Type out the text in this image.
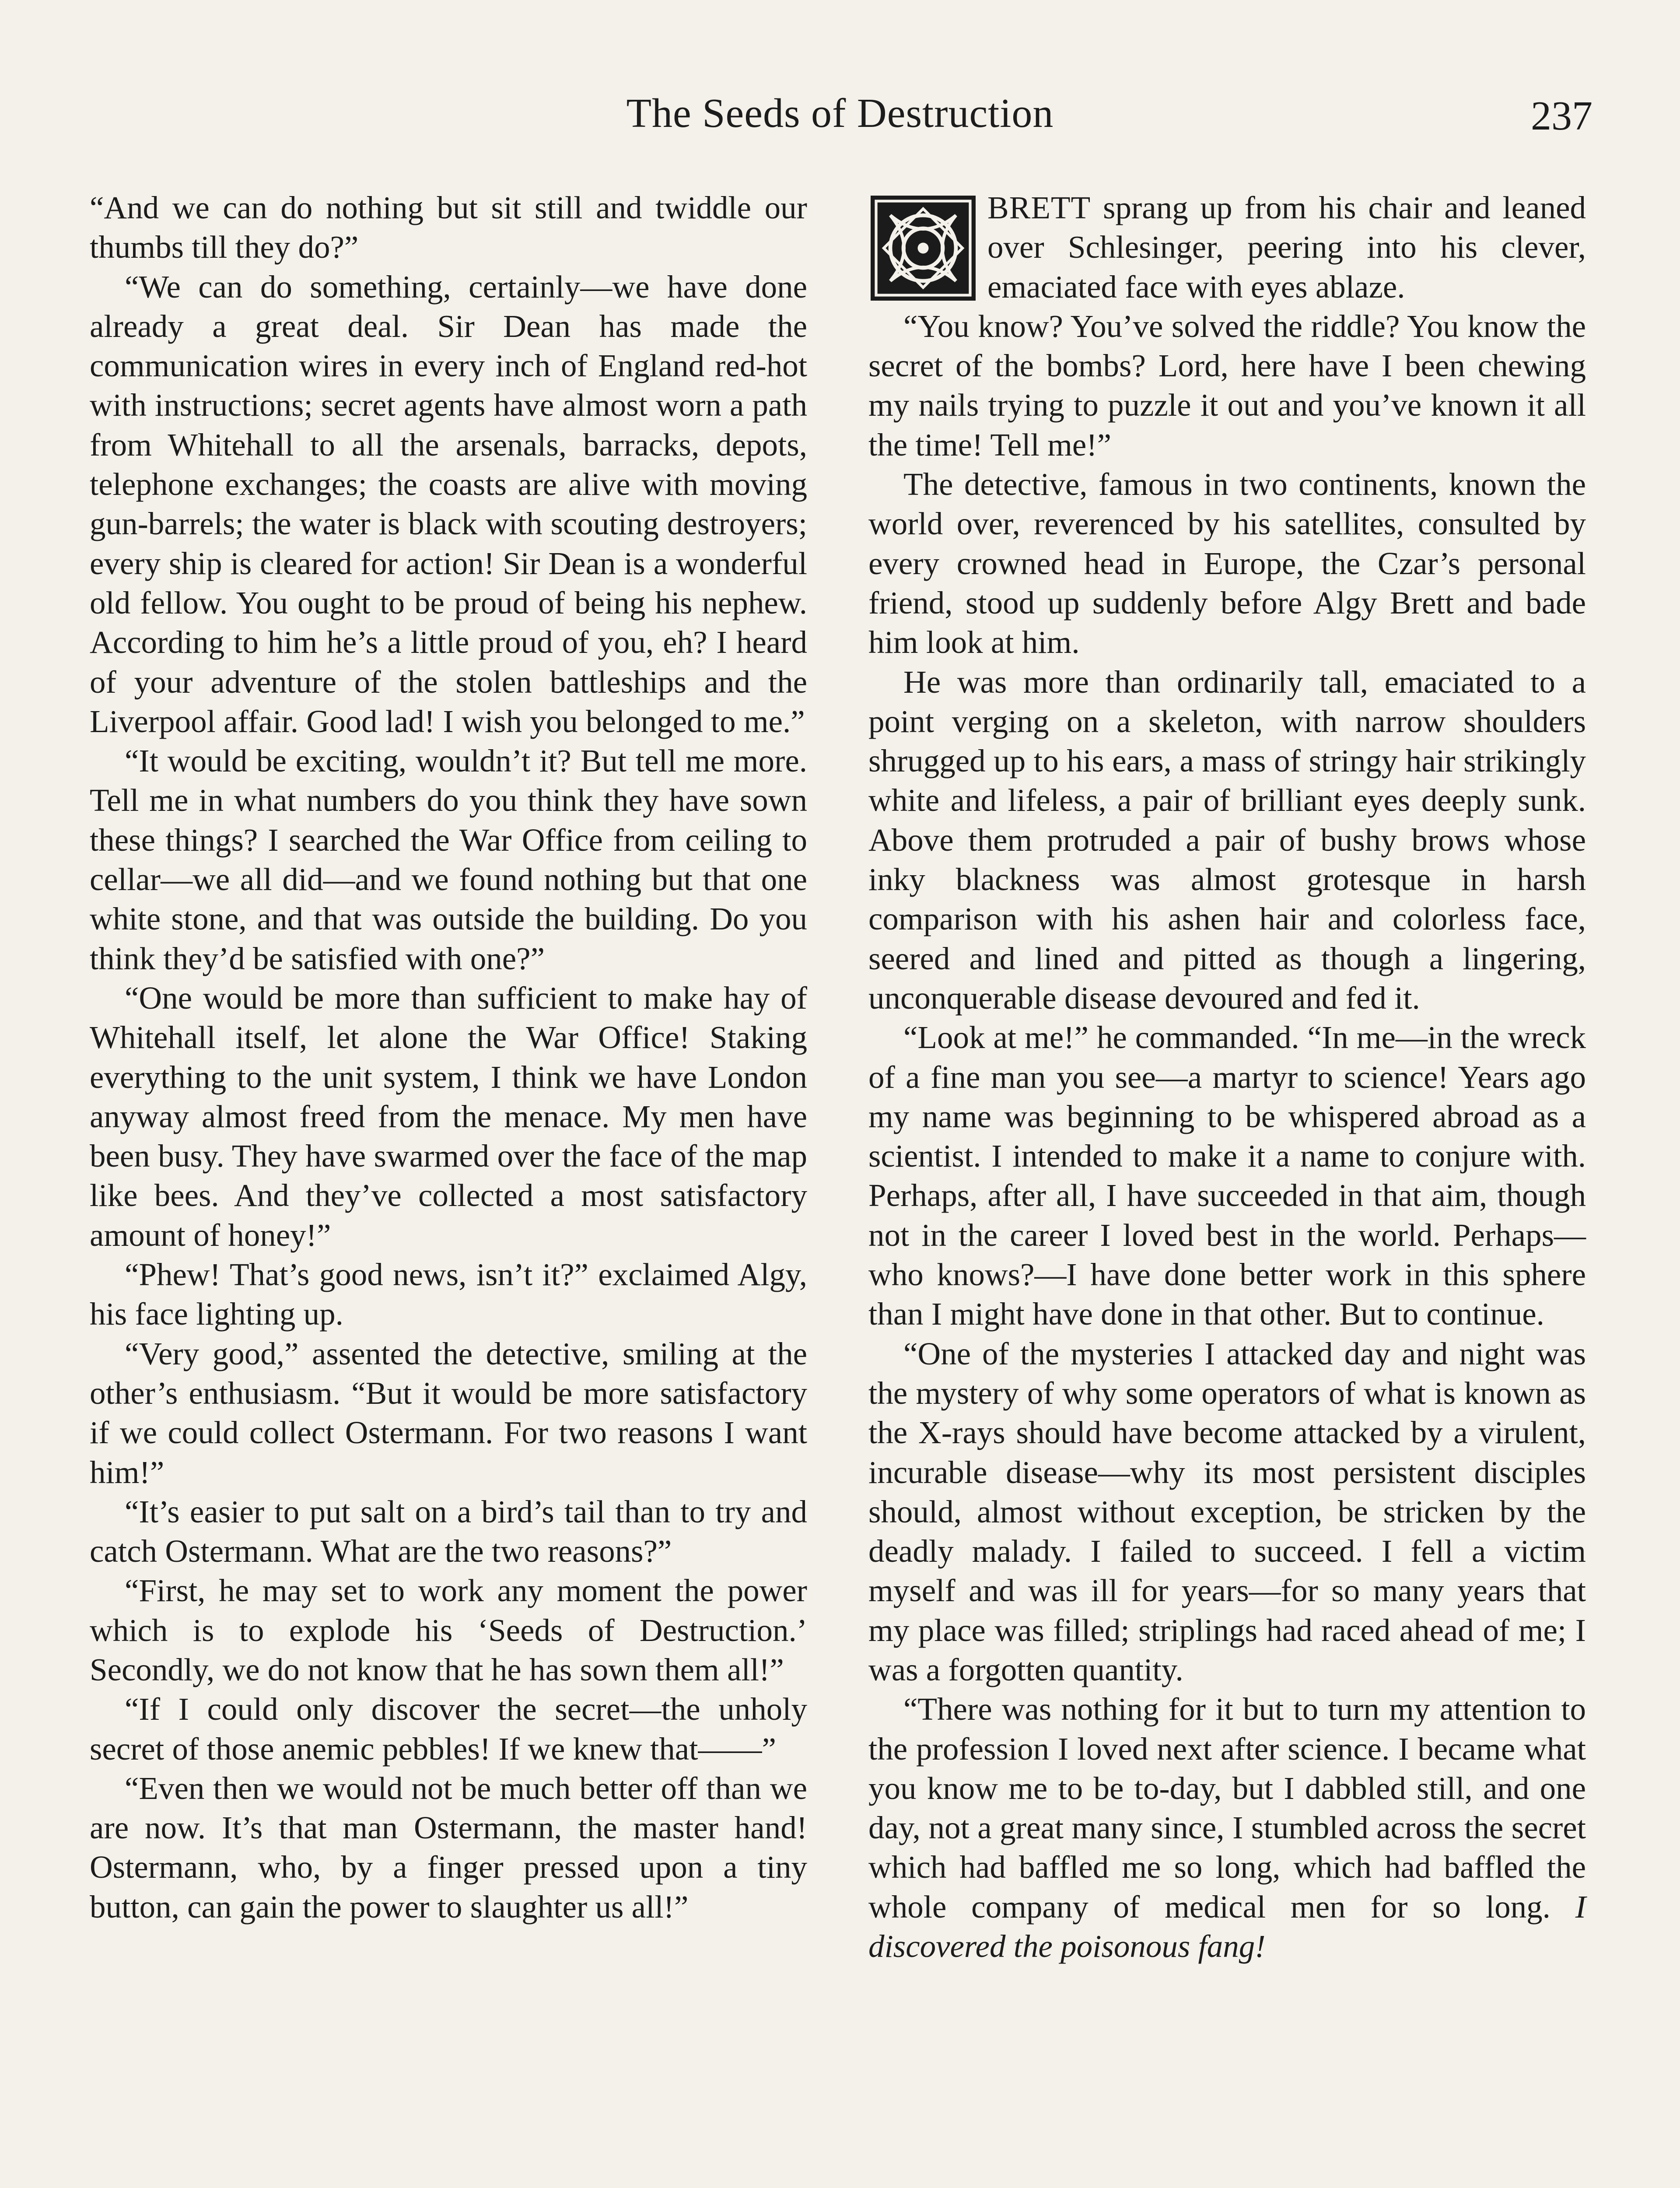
The Seeds of Destruction	237

“And we can do nothing but sit still and twiddle our thumbs till they do?”

“We can do something, certainly—we have done already a great deal. Sir Dean has made the communication wires in every inch of England red-hot with instructions; secret agents have almost worn a path from Whitehall to all the arsenals, barracks, depots, telephone exchanges; the coasts are alive with moving gun-barrels; the water is black with scouting destroyers; every ship is cleared for action! Sir Dean is a wonderful old fellow. You ought to be proud of being his nephew. According to him he’s a little proud of you, eh? I heard of your adventure of the stolen battleships and the Liverpool affair. Good lad! I wish you belonged to me.”

“It would be exciting, wouldn’t it? But tell me more. Tell me in what numbers do you think they have sown these things? I searched the War Office from ceiling to cellar—we all did—and we found nothing but that one white stone, and that was outside the building. Do you think they’d be satisfied with one?”

“One would be more than sufficient to make hay of Whitehall itself, let alone the War Office! Staking everything to the unit system, I think we have London anyway almost freed from the menace. My men have been busy. They have swarmed over the face of the map like bees. And they’ve collected a most satisfactory amount of honey!”

“Phew! That’s good news, isn’t it?” exclaimed Algy, his face lighting up.

“Very good,” assented the detective, smiling at the other’s enthusiasm. “But it would be more satisfactory if we could collect Ostermann. For two reasons I want him!”

“It’s easier to put salt on a bird’s tail than to try and catch Ostermann. What are the two reasons?”

“First, he may set to work any moment the power which is to explode his ‘Seeds of Destruction.’ Secondly, we do not know that he has sown them all!”

“If I could only discover the secret—the unholy secret of those anemic pebbles! If we knew that——”

“Even then we would not be much better off than we are now. It’s that man Ostermann, the master hand! Ostermann, who, by a finger pressed upon a tiny button, can gain the power to slaughter us all!”

BRETT sprang up from his chair and leaned over Schlesinger, peering into his clever, emaciated face with eyes ablaze.

“You know? You’ve solved the riddle? You know the secret of the bombs? Lord, here have I been chewing my nails trying to puzzle it out and you’ve known it all the time! Tell me!”

The detective, famous in two continents, known the world over, reverenced by his satellites, consulted by every crowned head in Europe, the Czar’s personal friend, stood up suddenly before Algy Brett and bade him look at him.

He was more than ordinarily tall, emaciated to a point verging on a skeleton, with narrow shoulders shrugged up to his ears, a mass of stringy hair strikingly white and lifeless, a pair of brilliant eyes deeply sunk. Above them protruded a pair of bushy brows whose inky blackness was almost grotesque in harsh comparison with his ashen hair and colorless face, seered and lined and pitted as though a lingering, unconquerable disease devoured and fed it.

“Look at me!” he commanded. “In me—in the wreck of a fine man you see—a martyr to science! Years ago my name was beginning to be whispered abroad as a scientist. I intended to make it a name to conjure with. Perhaps, after all, I have succeeded in that aim, though not in the career I loved best in the world. Perhaps—who knows?—I have done better work in this sphere than I might have done in that other. But to continue.

“One of the mysteries I attacked day and night was the mystery of why some operators of what is known as the X-rays should have become attacked by a virulent, incurable disease—why its most persistent disciples should, almost without exception, be stricken by the deadly malady. I failed to succeed. I fell a victim myself and was ill for years—for so many years that my place was filled; striplings had raced ahead of me; I was a forgotten quantity.

“There was nothing for it but to turn my attention to the profession I loved next after science. I became what you know me to be to-day, but I dabbled still, and one day, not a great many since, I stumbled across the secret which had baffled me so long, which had baffled the whole company of medical men for so long. I discovered the poisonous fang!
